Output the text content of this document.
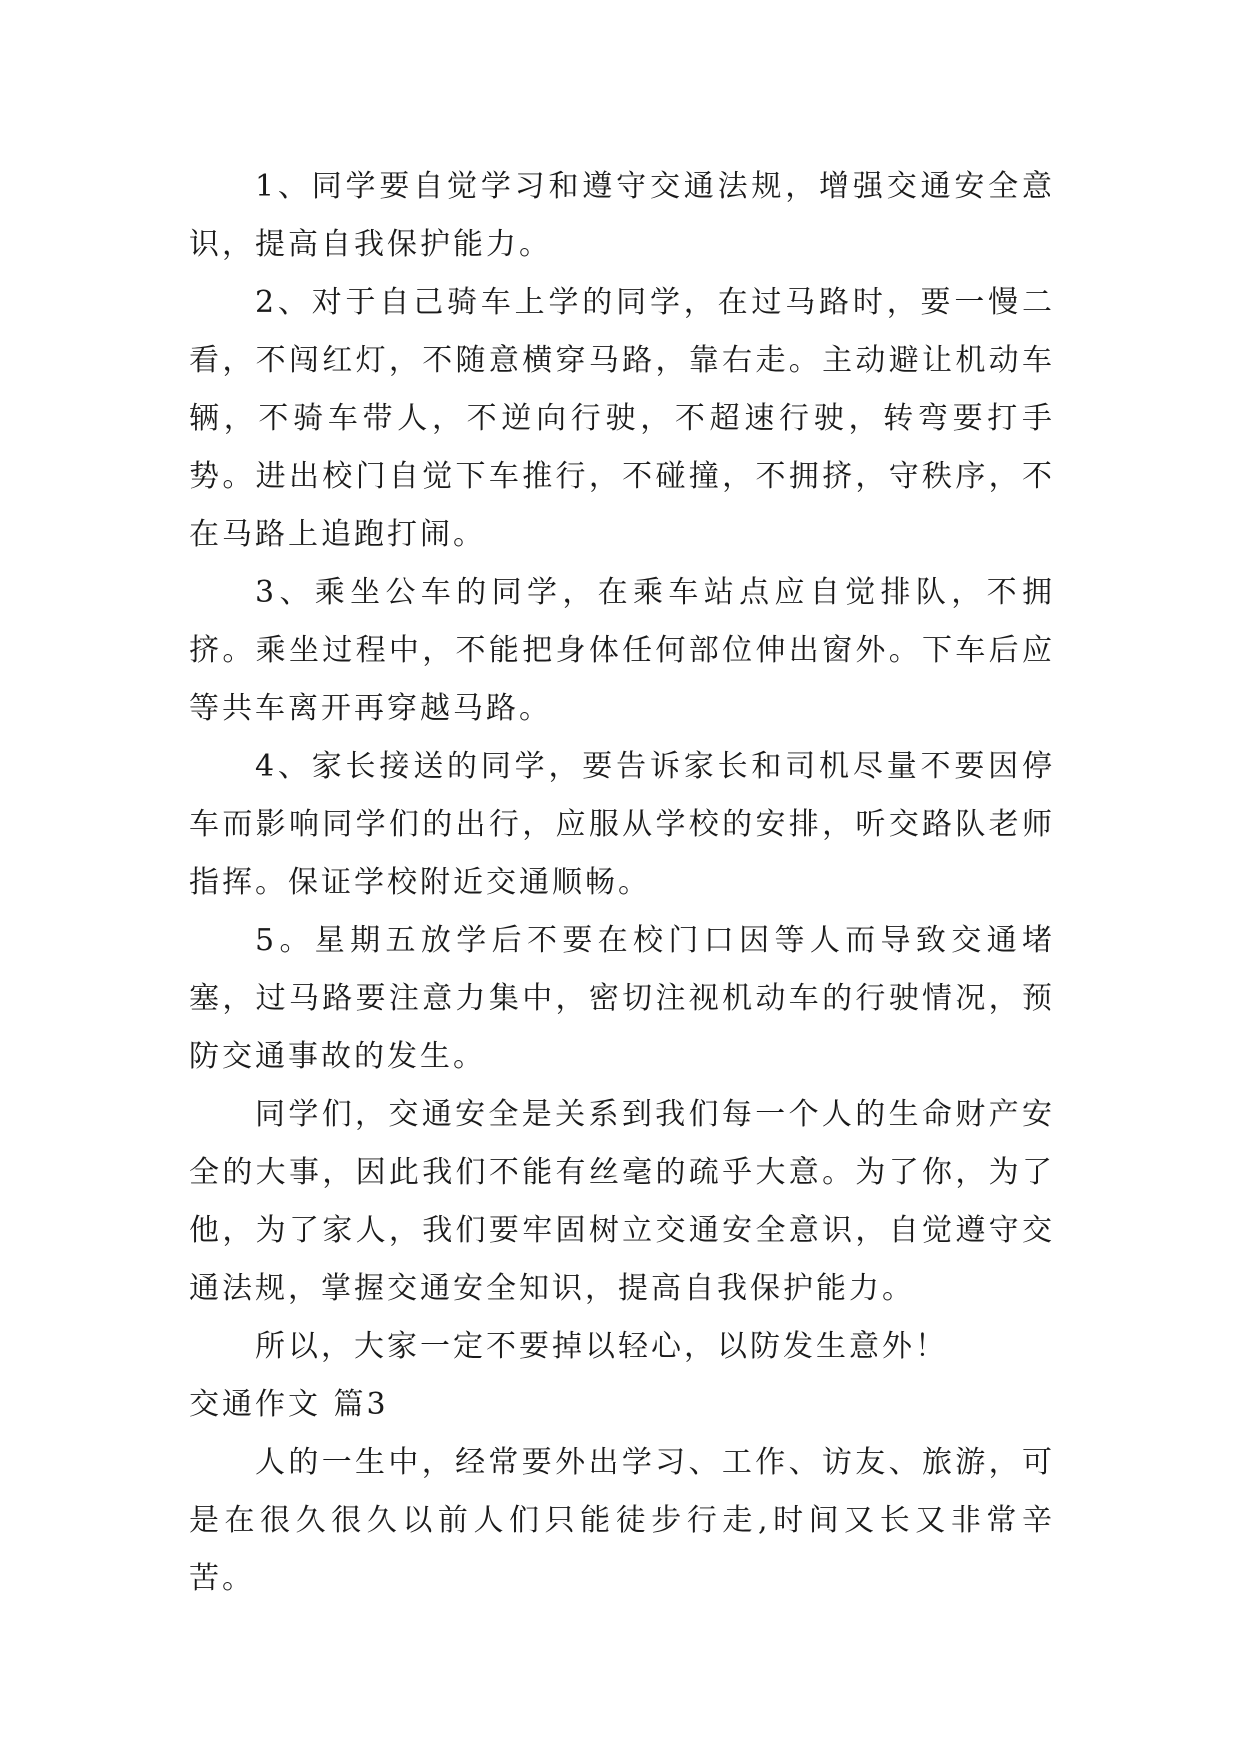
1、同学要自觉学习和遵守交通法规，增强交通安全意识，提高自我保护能力。

2、对于自己骑车上学的同学，在过马路时，要一慢二看，不闯红灯，不随意横穿马路，靠右走。主动避让机动车辆，不骑车带人，不逆向行驶，不超速行驶，转弯要打手势。进出校门自觉下车推行，不碰撞，不拥挤，守秩序，不在马路上追跑打闹。

3、乘坐公车的同学，在乘车站点应自觉排队，不拥挤。乘坐过程中，不能把身体任何部位伸出窗外。下车后应等共车离开再穿越马路。

4、家长接送的同学，要告诉家长和司机尽量不要因停车而影响同学们的出行，应服从学校的安排，听交路队老师指挥。保证学校附近交通顺畅。

5。星期五放学后不要在校门口因等人而导致交通堵塞，过马路要注意力集中，密切注视机动车的行驶情况，预防交通事故的发生。

同学们，交通安全是关系到我们每一个人的生命财产安全的大事，因此我们不能有丝毫的疏乎大意。为了你，为了他，为了家人，我们要牢固树立交通安全意识，自觉遵守交通法规，掌握交通安全知识，提高自我保护能力。

所以，大家一定不要掉以轻心，以防发生意外！

交通作文 篇3

人的一生中，经常要外出学习、工作、访友、旅游，可是在很久很久以前人们只能徒步行走,时间又长又非常辛苦。
